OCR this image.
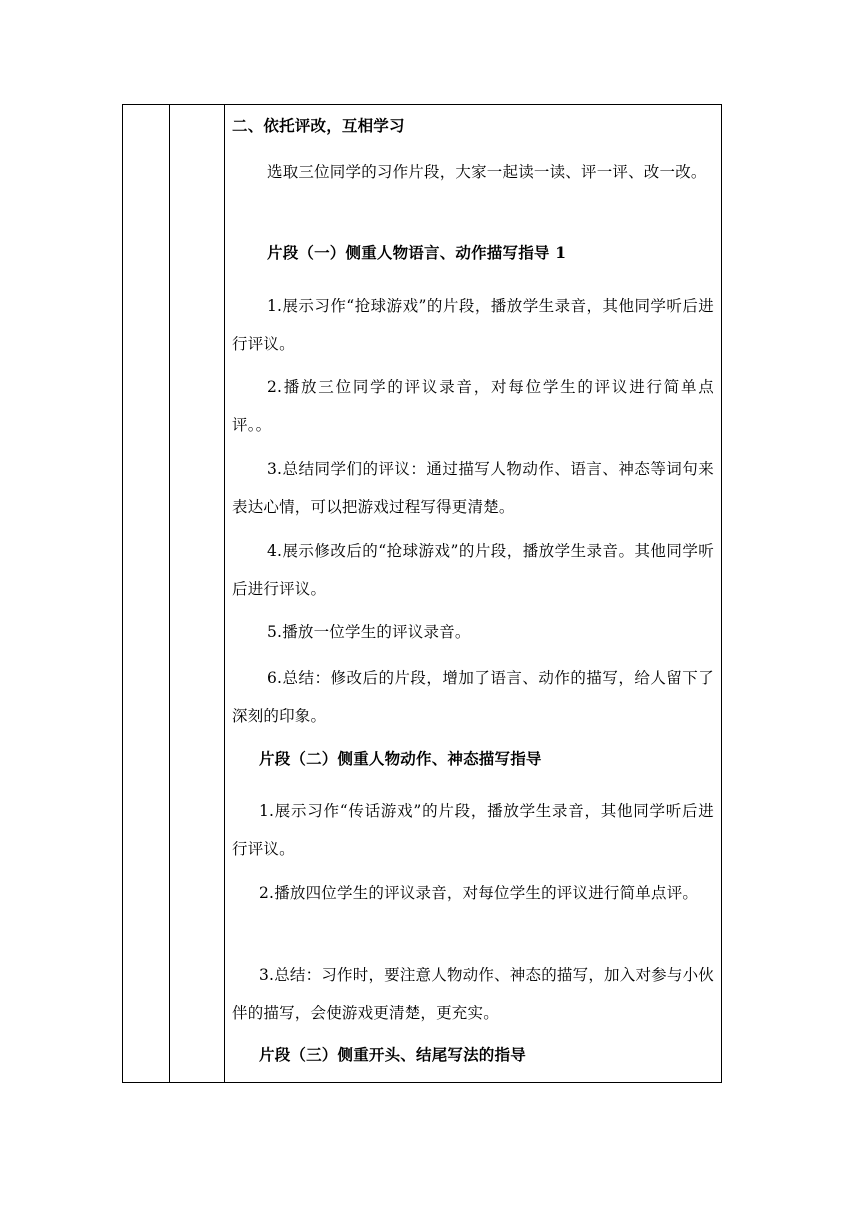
二、依托评改，互相学习

选取三位同学的习作片段，大家一起读一读、评一评、改一改。

片段（一）侧重人物语言、动作描写指导 1

1.展示习作“抢球游戏”的片段，播放学生录音，其他同学听后进行评议。

2.播放三位同学的评议录音，对每位学生的评议进行简单点评。。

3.总结同学们的评议：通过描写人物动作、语言、神态等词句来表达心情，可以把游戏过程写得更清楚。

4.展示修改后的“抢球游戏”的片段，播放学生录音。其他同学听后进行评议。

5.播放一位学生的评议录音。

6.总结：修改后的片段，增加了语言、动作的描写，给人留下了深刻的印象。

片段（二）侧重人物动作、神态描写指导

1.展示习作“传话游戏”的片段，播放学生录音，其他同学听后进行评议。

2.播放四位学生的评议录音，对每位学生的评议进行简单点评。

3.总结：习作时，要注意人物动作、神态的描写，加入对参与小伙伴的描写，会使游戏更清楚，更充实。

片段（三）侧重开头、结尾写法的指导
